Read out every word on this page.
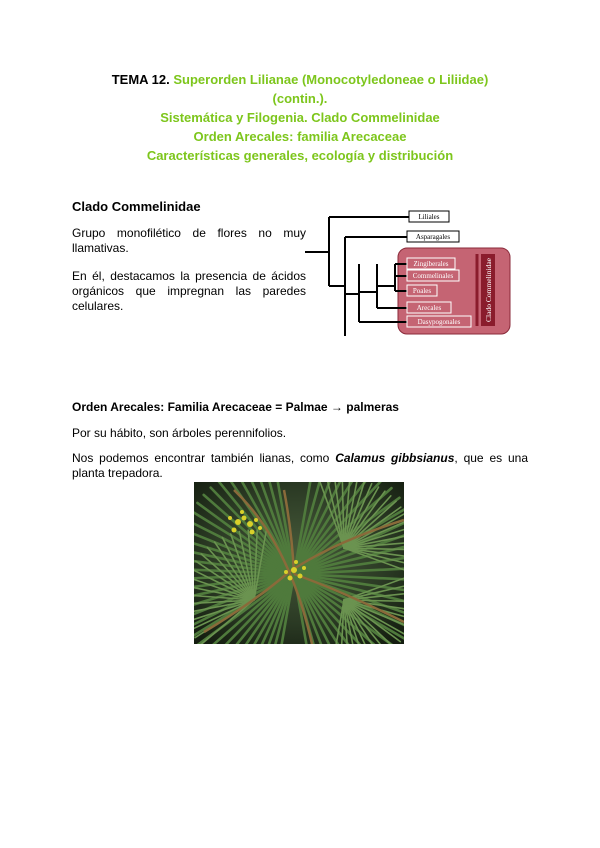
TEMA 12. Superorden Lilianae (Monocotyledoneae o Liliidae)
(contin.).
Sistemática y Filogenia. Clado Commelinidae
Orden Arecales: familia Arecaceae
Características generales, ecología y distribución
Clado Commelinidae
Grupo monofilético de flores no muy llamativas.
En él, destacamos la presencia de ácidos orgánicos que impregnan las paredes celulares.
Liliales
Asparagales
Zingiberales
Commelinales
Poales
Arecales
Dasypogonales
Clado Commelinidae
Orden Arecales: Familia Arecaceae = Palmae → palmeras
Por su hábito, son árboles perennifolios.
Nos podemos encontrar también lianas, como Calamus gibbsianus, que es una planta trepadora.
